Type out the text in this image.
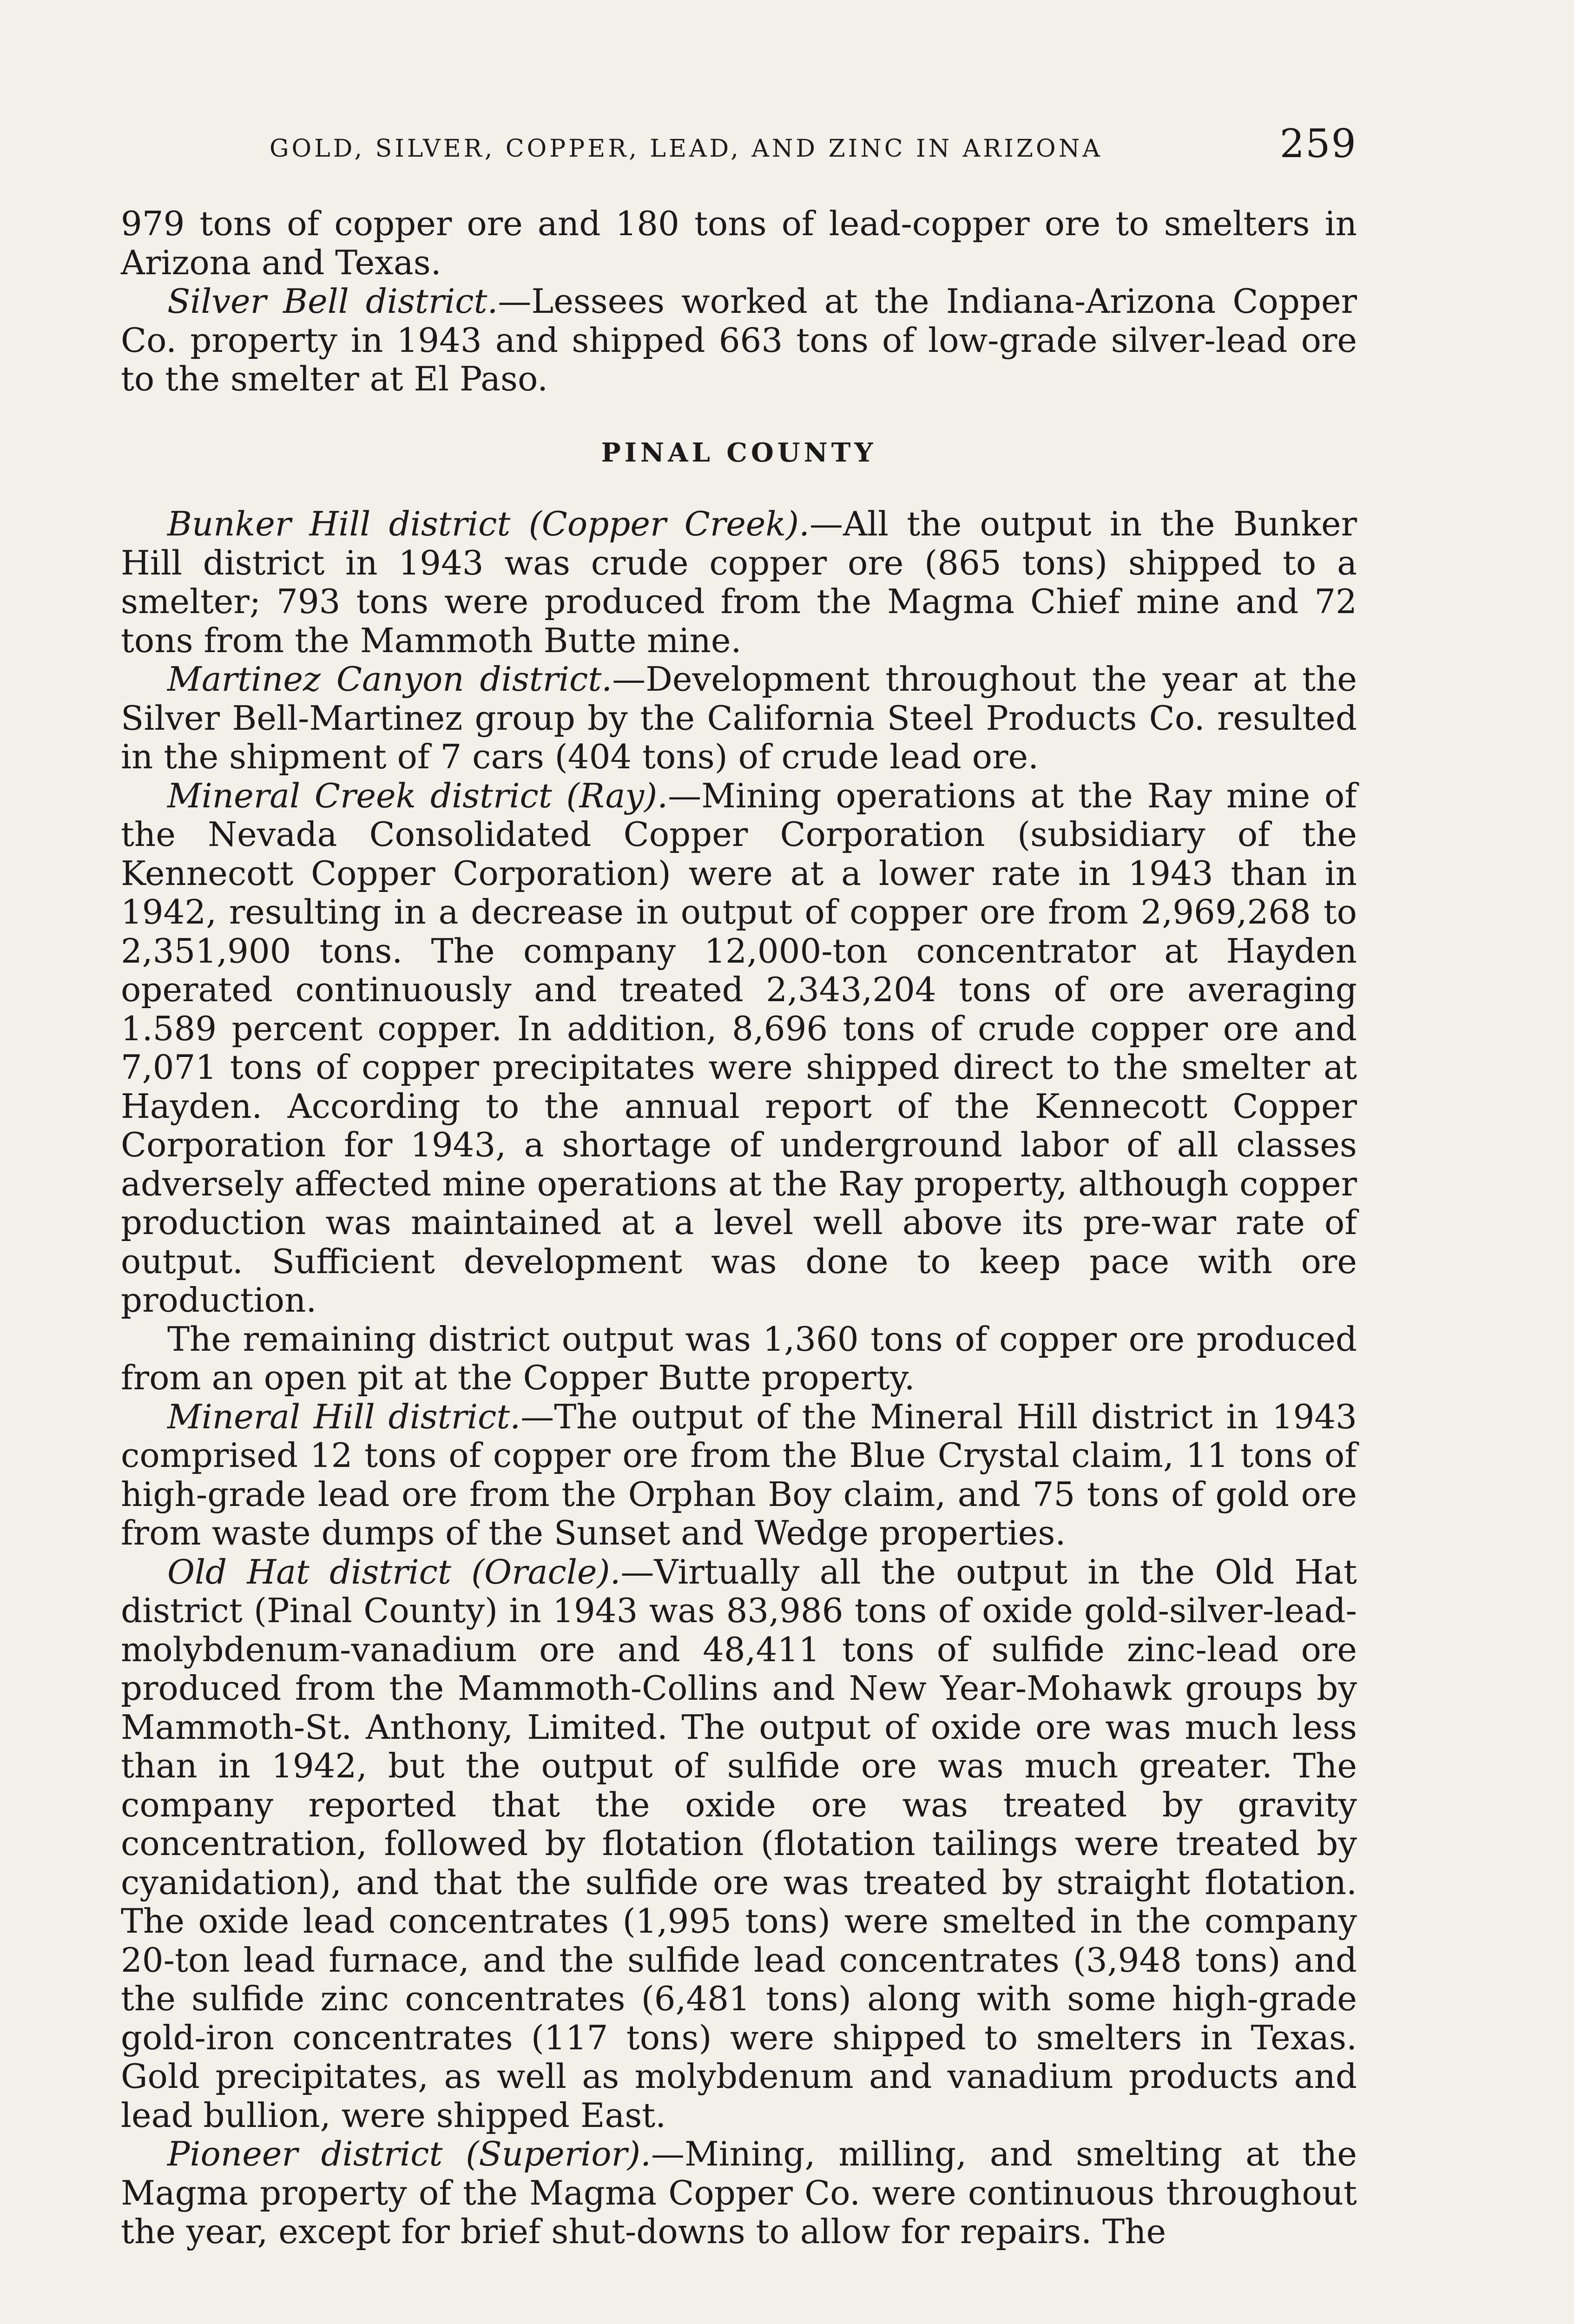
GOLD, SILVER, COPPER, LEAD, AND ZINC IN ARIZONA	259

979 tons of copper ore and 180 tons of lead-copper ore to smelters in Arizona and Texas.

Silver Bell district.—Lessees worked at the Indiana-Arizona Copper Co. property in 1943 and shipped 663 tons of low-grade silver-lead ore to the smelter at El Paso.

PINAL COUNTY

Bunker Hill district (Copper Creek).—All the output in the Bunker Hill district in 1943 was crude copper ore (865 tons) shipped to a smelter; 793 tons were produced from the Magma Chief mine and 72 tons from the Mammoth Butte mine.

Martinez Canyon district.—Development throughout the year at the Silver Bell-Martinez group by the California Steel Products Co. resulted in the shipment of 7 cars (404 tons) of crude lead ore.

Mineral Creek district (Ray).—Mining operations at the Ray mine of the Nevada Consolidated Copper Corporation (subsidiary of the Kennecott Copper Corporation) were at a lower rate in 1943 than in 1942, resulting in a decrease in output of copper ore from 2,969,268 to 2,351,900 tons. The company 12,000-ton concentrator at Hayden operated continuously and treated 2,343,204 tons of ore averaging 1.589 percent copper. In addition, 8,696 tons of crude copper ore and 7,071 tons of copper precipitates were shipped direct to the smelter at Hayden. According to the annual report of the Kennecott Copper Corporation for 1943, a shortage of underground labor of all classes adversely affected mine operations at the Ray property, although copper production was maintained at a level well above its pre-war rate of output. Sufficient development was done to keep pace with ore production.

The remaining district output was 1,360 tons of copper ore produced from an open pit at the Copper Butte property.

Mineral Hill district.—The output of the Mineral Hill district in 1943 comprised 12 tons of copper ore from the Blue Crystal claim, 11 tons of high-grade lead ore from the Orphan Boy claim, and 75 tons of gold ore from waste dumps of the Sunset and Wedge properties.

Old Hat district (Oracle).—Virtually all the output in the Old Hat district (Pinal County) in 1943 was 83,986 tons of oxide gold-silver-lead-molybdenum-vanadium ore and 48,411 tons of sulfide zinc-lead ore produced from the Mammoth-Collins and New Year-Mohawk groups by Mammoth-St. Anthony, Limited. The output of oxide ore was much less than in 1942, but the output of sulfide ore was much greater. The company reported that the oxide ore was treated by gravity concentration, followed by flotation (flotation tailings were treated by cyanidation), and that the sulfide ore was treated by straight flotation. The oxide lead concentrates (1,995 tons) were smelted in the company 20-ton lead furnace, and the sulfide lead concentrates (3,948 tons) and the sulfide zinc concentrates (6,481 tons) along with some high-grade gold-iron concentrates (117 tons) were shipped to smelters in Texas. Gold precipitates, as well as molybdenum and vanadium products and lead bullion, were shipped East.

Pioneer district (Superior).—Mining, milling, and smelting at the Magma property of the Magma Copper Co. were continuous throughout the year, except for brief shut-downs to allow for repairs. The
